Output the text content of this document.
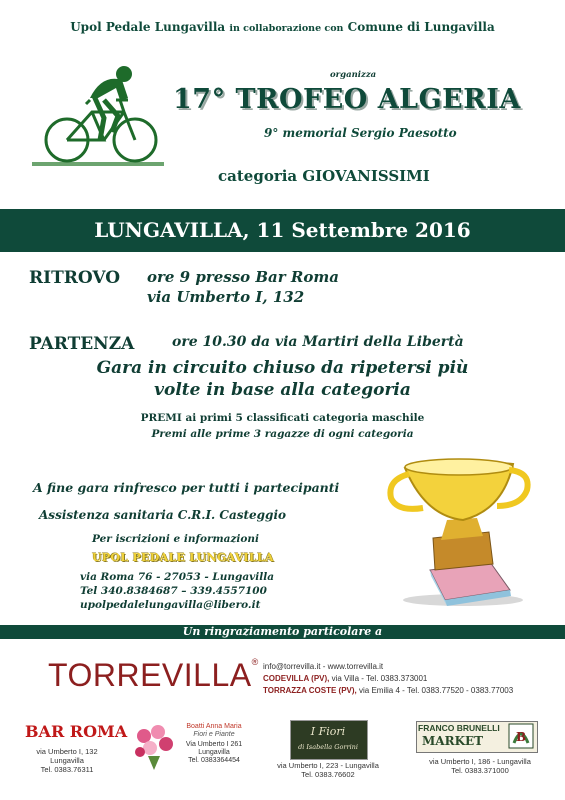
Upol Pedale Lungavilla in collaborazione con Comune di Lungavilla
organizza
17° TROFEO ALGERIA
9° memorial Sergio Paesotto
categoria GIOVANISSIMI
LUNGAVILLA, 11 Settembre 2016
RITROVO ore 9 presso Bar Roma
via Umberto I, 132
PARTENZA	ore 10.30 da via Martiri della Libertà
Gara in circuito chiuso da ripetersi più
volte in base alla categoria
PREMI ai primi 5 classificati categoria maschile
Premi alle prime 3 ragazze di ogni categoria
A fine gara rinfresco per tutti i partecipanti
Assistenza sanitaria C.R.I. Casteggio
Per iscrizioni e informazioni
UPOL PEDALE LUNGAVILLA
via Roma 76 - 27053 - Lungavilla
Tel 340.8384687 – 339.4557100
upolpedalelungavilla@libero.it
Un ringraziamento particolare a
TORREVILLA® info@torrevilla.it - www.torrevilla.it
CODEVILLA (PV), via Villa - Tel. 0383.373001
TORRAZZA COSTE (PV), via Emilia 4 - Tel. 0383.77520 - 0383.77003
BAR ROMA
via Umberto I, 132
Lungavilla
Tel. 0383.76311
Boatti Anna Maria
Fiori e Piante
Via Umberto I 261
Lungavilla
Tel. 0383364454
I Fiori
di Isabella Gorrini
via Umberto I, 223 - Lungavilla
Tel. 0383.76602
FRANCO BRUNELLI
MARKET	B
via Umberto I, 186 - Lungavilla
Tel. 0383.371000
